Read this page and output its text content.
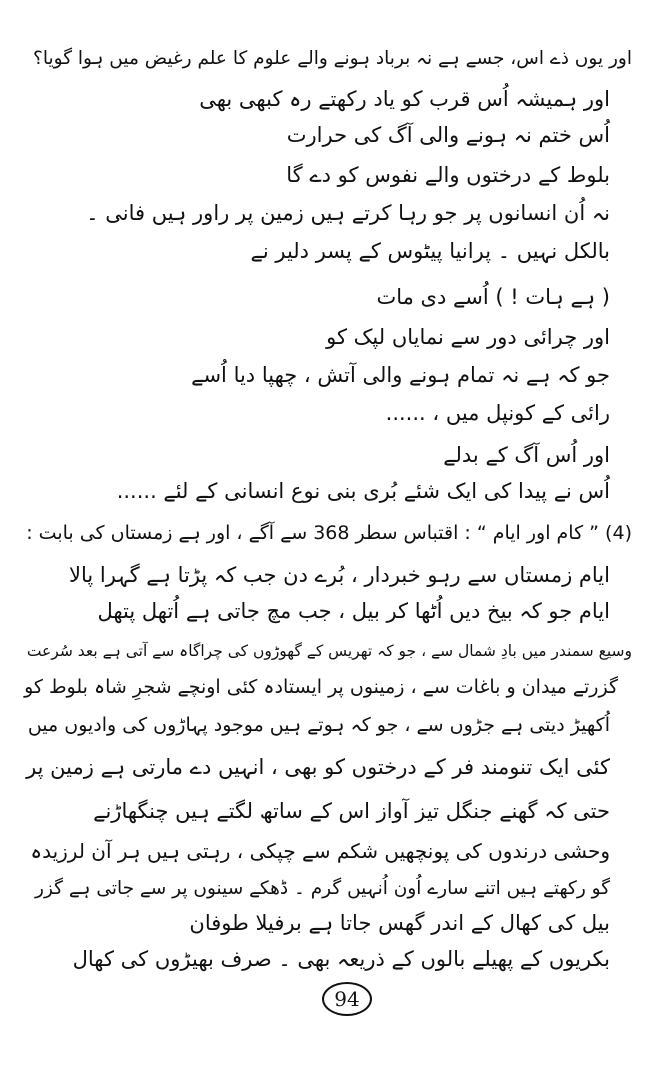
اور یوں ذے اس، جسے ہے نہ برباد ہونے والے علوم کا علم رغیض میں ہوا گویا؟
اور ہمیشہ اُس قرب کو یاد رکھتے رہ کبھی بھی
اُس ختم نہ ہونے والی آگ کی حرارت
بلوط کے درختوں والے نفوس کو دے گا
نہ اُن انسانوں پر جو رہا کرتے ہیں زمین پر راور ہیں فانی ۔
بالکل نہیں ۔ پرانیا پیٹوس کے پسر دلیر نے
( ہے ہات ! ) اُسے دی مات
اور چرائی دور سے نمایاں لپک کو
جو کہ ہے نہ تمام ہونے والی آتش ، چھپا دیا اُسے
رائی کے کونپل میں ، ......
اور اُس آگ کے بدلے
اُس نے پیدا کی ایک شئے بُری بنی نوع انسانی کے لئے ......
(4) ” کام اور ایام “ : اقتباس سطر 368 سے آگے ، اور ہے زمستاں کی بابت :
ایام زمستاں سے رہو خبردار ، بُرے دن جب کہ پڑتا ہے گہرا پالا
ایام جو کہ بیخ دیں اُٹھا کر بیل ، جب مچ جاتی ہے اُتھل پتھل
وسیع سمندر میں بادِ شمال سے ، جو کہ تھریس کے گھوڑوں کی چراگاہ سے آتی ہے بعد سُرعت
گزرتے میدان و باغات سے ، زمینوں پر ایستادہ کئی اونچے شجرِ شاہ بلوط کو
اُکھیڑ دیتی ہے جڑوں سے ، جو کہ ہوتے ہیں موجود پہاڑوں کی وادیوں میں
کئی ایک تنومند فر کے درختوں کو بھی ، انہیں دے مارتی ہے زمین پر
حتی کہ گھنے جنگل تیز آواز اس کے ساتھ لگتے ہیں چنگھاڑنے
وحشی درندوں کی پونچھیں شکم سے چپکی ، رہتی ہیں ہر آن لرزیدہ
گو رکھتے ہیں اتنے سارے اُون اُنہیں گرم ۔ ڈھکے سینوں پر سے جاتی ہے گزر
بیل کی کھال کے اندر گھس جاتا ہے برفیلا طوفان
بکریوں کے پھیلے بالوں کے ذریعہ بھی ۔ صرف بھیڑوں کی کھال
94
